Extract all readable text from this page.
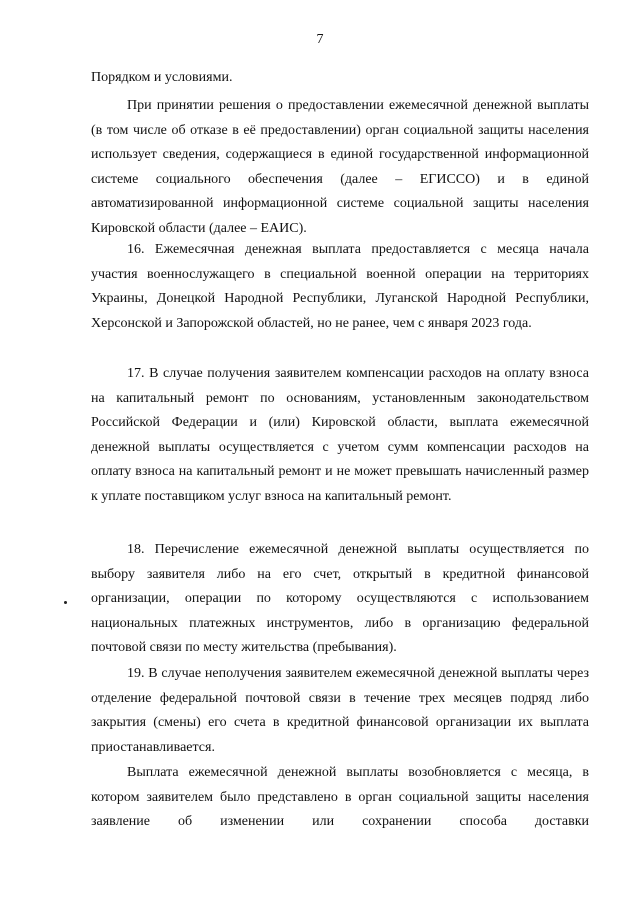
7

Порядком и условиями.

При принятии решения о предоставлении ежемесячной денежной выплаты (в том числе об отказе в её предоставлении) орган социальной защиты населения использует сведения, содержащиеся в единой государственной информационной системе социального обеспечения (далее – ЕГИССО) и в единой автоматизированной информационной системе социальной защиты населения Кировской области (далее – ЕАИС).

16. Ежемесячная денежная выплата предоставляется с месяца начала участия военнослужащего в специальной военной операции на территориях Украины, Донецкой Народной Республики, Луганской Народной Республики, Херсонской и Запорожской областей, но не ранее, чем с января 2023 года.

17. В случае получения заявителем компенсации расходов на оплату взноса на капитальный ремонт по основаниям, установленным законодательством Российской Федерации и (или) Кировской области, выплата ежемесячной денежной выплаты осуществляется с учетом сумм компенсации расходов на оплату взноса на капитальный ремонт и не может превышать начисленный размер к уплате поставщиком услуг взноса на капитальный ремонт.

18. Перечисление ежемесячной денежной выплаты осуществляется по выбору заявителя либо на его счет, открытый в кредитной финансовой организации, операции по которому осуществляются с использованием национальных платежных инструментов, либо в организацию федеральной почтовой связи по месту жительства (пребывания).

19. В случае неполучения заявителем ежемесячной денежной выплаты через отделение федеральной почтовой связи в течение трех месяцев подряд либо закрытия (смены) его счета в кредитной финансовой организации их выплата приостанавливается.

Выплата ежемесячной денежной выплаты возобновляется с месяца, в котором заявителем было представлено в орган социальной защиты населения заявление об изменении или сохранении способа доставки
